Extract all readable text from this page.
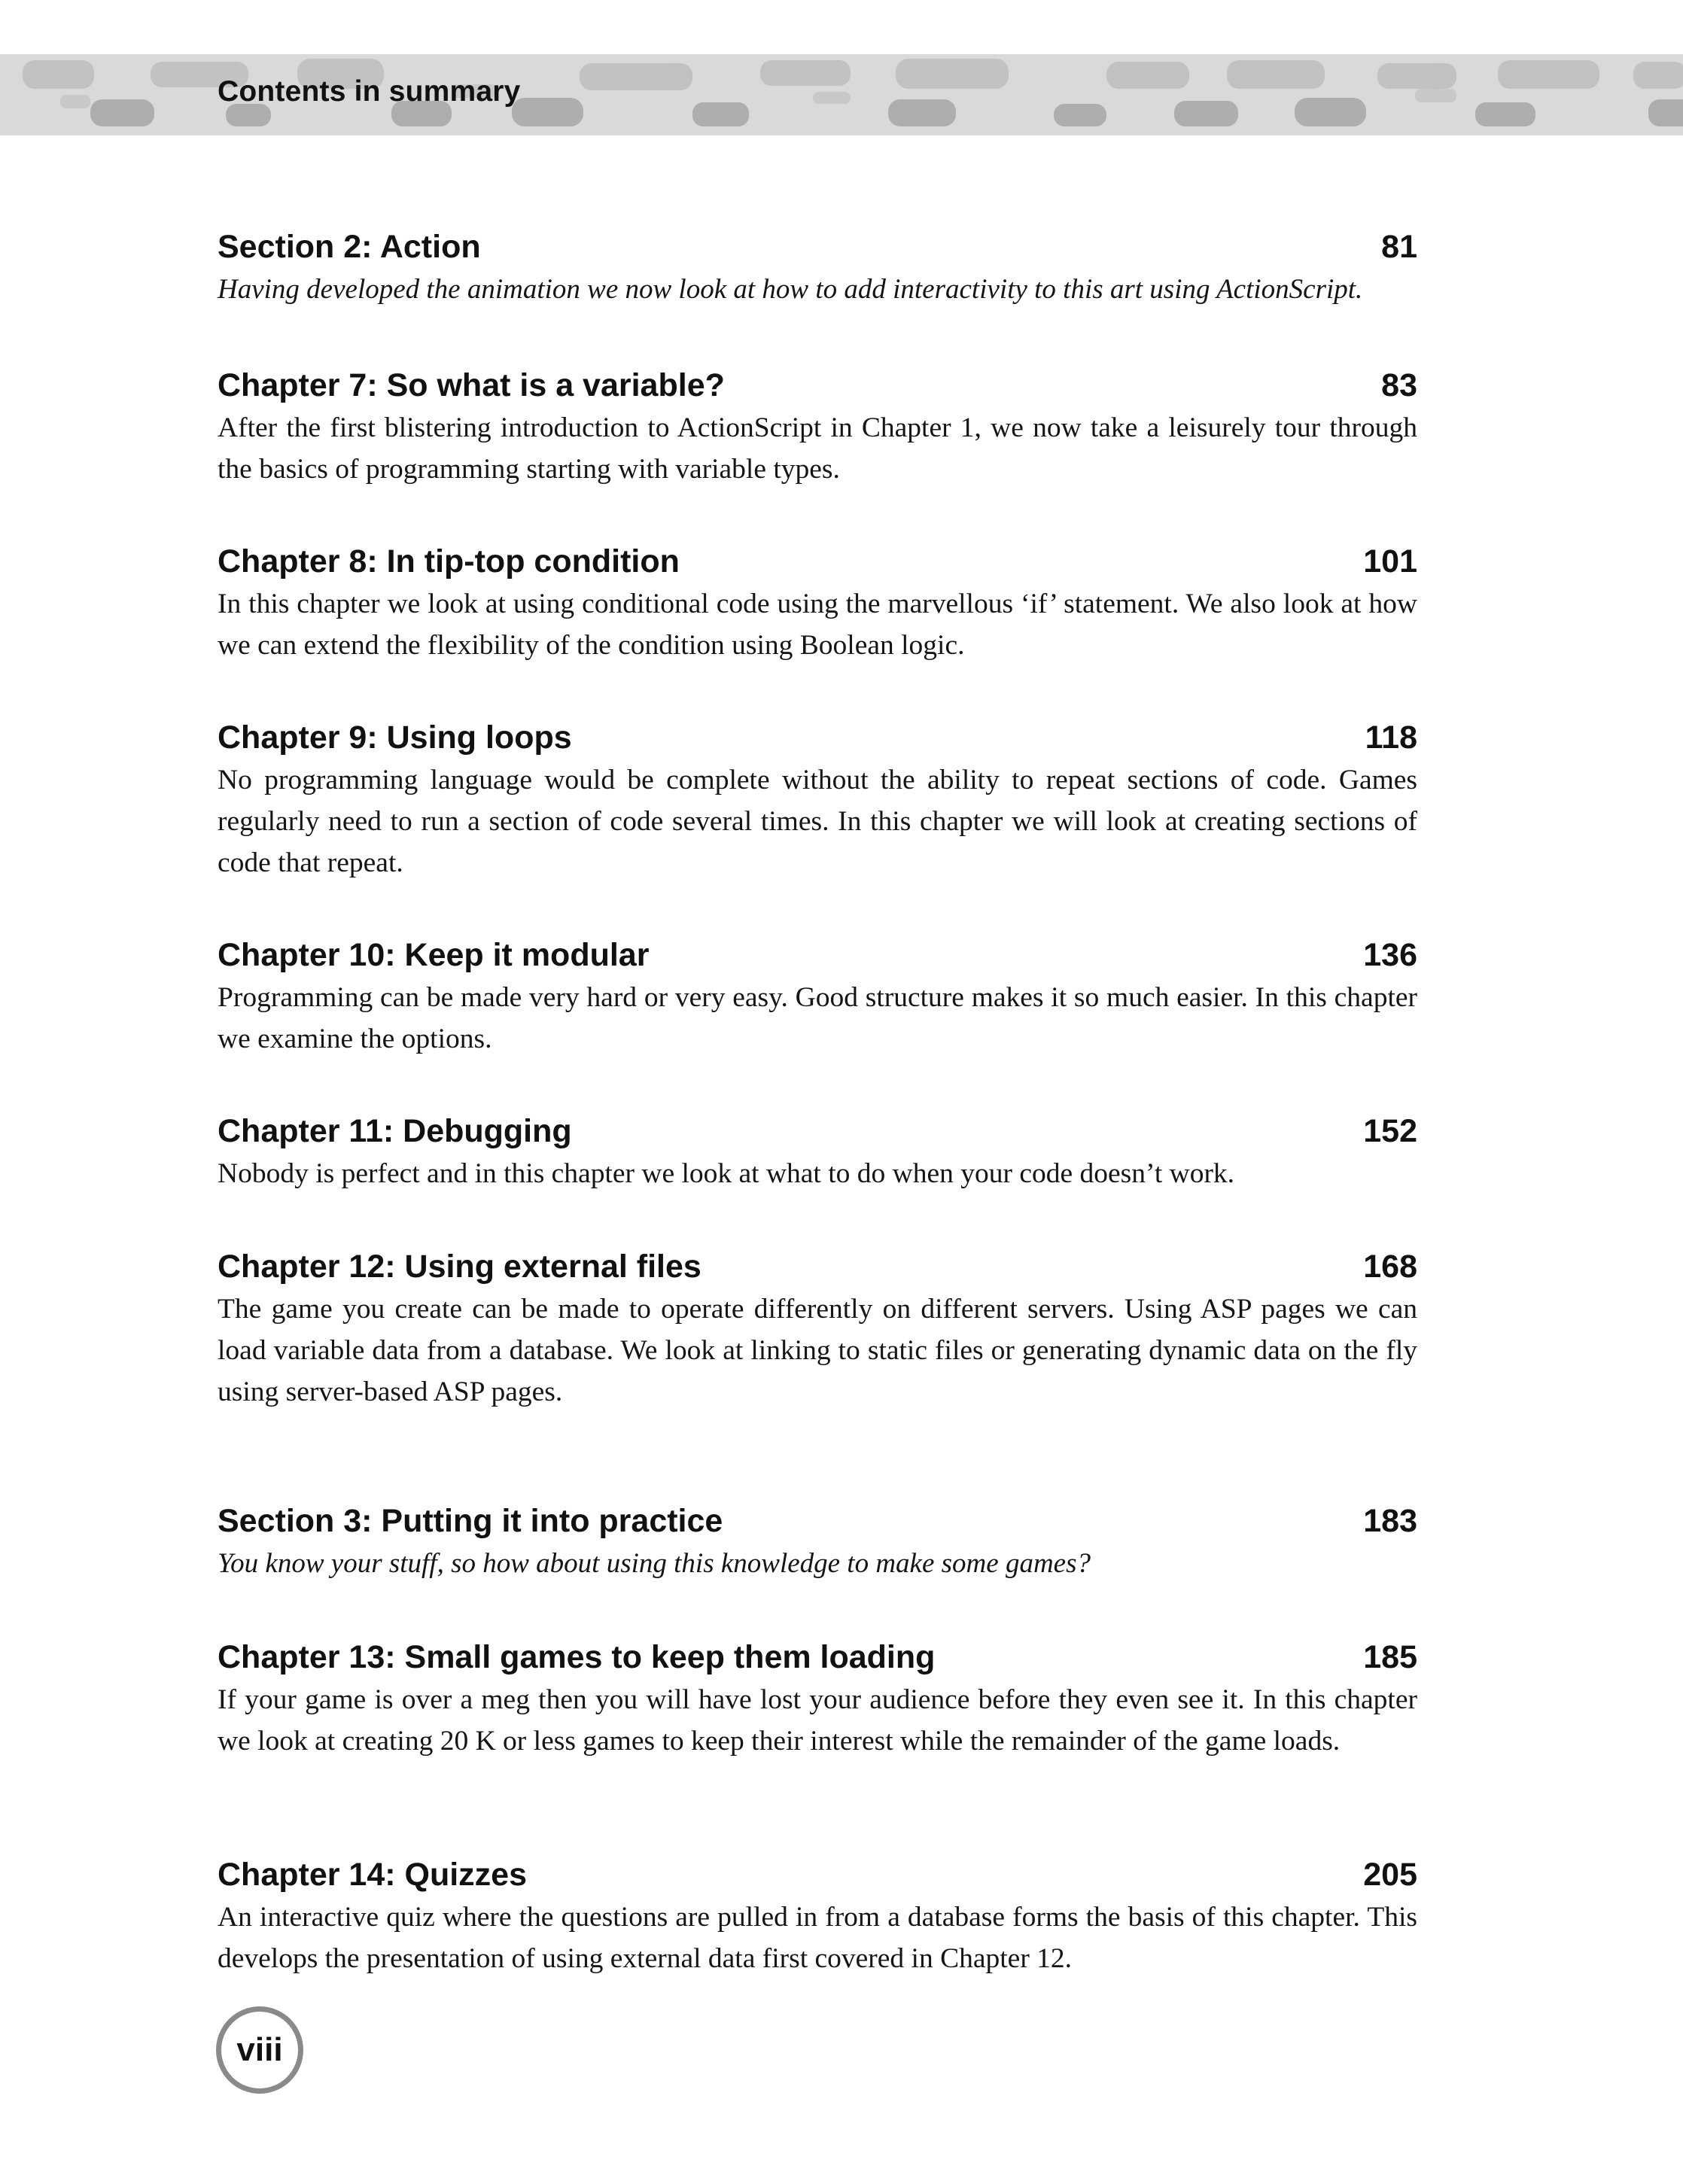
Contents in summary
Section 2: Action	81
Having developed the animation we now look at how to add interactivity to this art using ActionScript.
Chapter 7: So what is a variable?	83
After the first blistering introduction to ActionScript in Chapter 1, we now take a leisurely tour through the basics of programming starting with variable types.
Chapter 8: In tip-top condition	101
In this chapter we look at using conditional code using the marvellous ‘if’ statement. We also look at how we can extend the flexibility of the condition using Boolean logic.
Chapter 9: Using loops	118
No programming language would be complete without the ability to repeat sections of code. Games regularly need to run a section of code several times. In this chapter we will look at creating sections of code that repeat.
Chapter 10: Keep it modular	136
Programming can be made very hard or very easy. Good structure makes it so much easier. In this chapter we examine the options.
Chapter 11: Debugging	152
Nobody is perfect and in this chapter we look at what to do when your code doesn’t work.
Chapter 12: Using external files	168
The game you create can be made to operate differently on different servers. Using ASP pages we can load variable data from a database. We look at linking to static files or generating dynamic data on the fly using server-based ASP pages.
Section 3: Putting it into practice	183
You know your stuff, so how about using this knowledge to make some games?
Chapter 13: Small games to keep them loading	185
If your game is over a meg then you will have lost your audience before they even see it. In this chapter we look at creating 20 K or less games to keep their interest while the remainder of the game loads.
Chapter 14: Quizzes	205
An interactive quiz where the questions are pulled in from a database forms the basis of this chapter. This develops the presentation of using external data first covered in Chapter 12.
viii
